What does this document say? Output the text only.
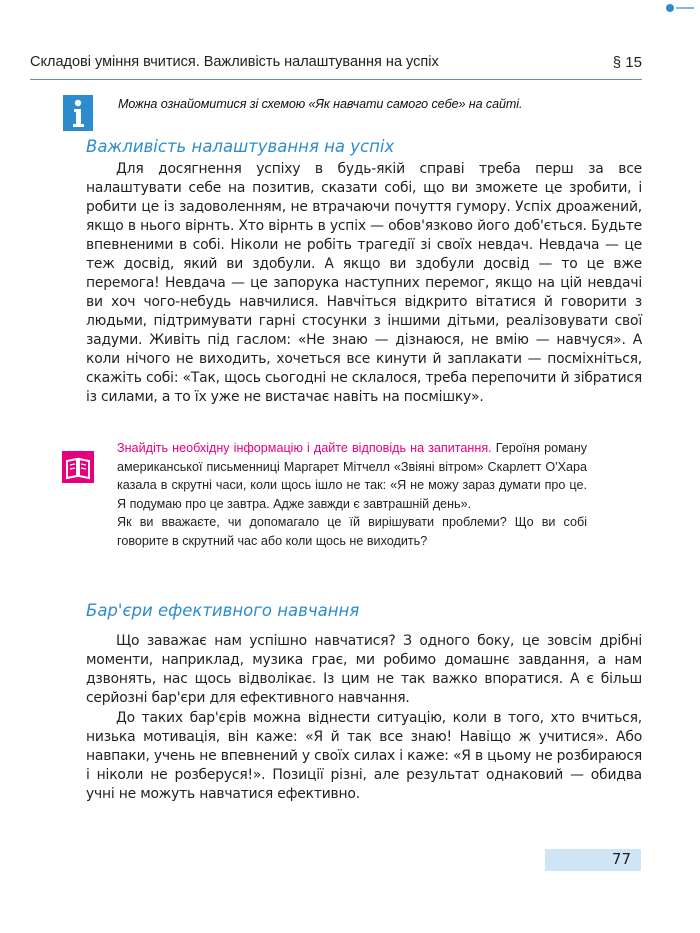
Складові уміння вчитися. Важливість налаштування на успіх	§ 15
Можна ознайомитися зі схемою «Як навчати самого себе» на сайті.
Важливість налаштування на успіх

Для досягнення успіху в будь-якій справі треба перш за все налаштувати себе на позитив, сказати собі, що ви зможете це зробити, і робити це із задоволенням, не втрачаючи почуття гумору. Успіх дроажений, якщо в нього вірнть. Хто вірнть в успіх — обов'язково його доб'ється. Будьте впевненими в собі. Ніколи не робіть трагедії зі своїх невдач. Невдача — це теж досвід, який ви здобули. А якщо ви здобули досвід — то це вже перемога! Невдача — це запорука наступних перемог, якщо на цій невдачі ви хоч чого-небудь навчилися. Навчіться відкрито вітатися й говорити з людьми, підтримувати гарні стосунки з іншими дітьми, реалізовувати свої задуми. Живіть під гаслом: «Не знаю — дізнаюся, не вмію — навчуся». А коли нічого не виходить, хочеться все кинути й заплакати — посміхніться, скажіть собі: «Так, щось сьогодні не склалося, треба перепочити й зібратися із силами, а то їх уже не вистачає навіть на посмішку».

Знайдіть необхідну інформацію і дайте відповідь на запитання. Героїня роману американської письменниці Маргарет Мітчелл «Звіяні вітром» Скарлетт О'Хара казала в скрутні часи, коли щось ішло не так: «Я не можу зараз думати про це. Я подумаю про це завтра. Адже завжди є завтрашній день».

Як ви вважаєте, чи допомагало це їй вирішувати проблеми? Що ви собі говорите в скрутний час або коли щось не виходить?

Бар'єри ефективного навчання

Що заважає нам успішно навчатися? З одного боку, це зовсім дрібні моменти, наприклад, музика грає, ми робимо домашнє завдання, а нам дзвонять, нас щось відволікає. Із цим не так важко впоратися. А є більш серйозні бар'єри для ефективного навчання.

До таких бар'єрів можна віднести ситуацію, коли в того, хто вчиться, низька мотивація, він каже: «Я й так все знаю! Навіщо ж учитися». Або навпаки, учень не впевнений у своїх силах і каже: «Я в цьому не розбираюся і ніколи не розберуся!». Позиції різні, але результат однаковий — обидва учні не можуть навчатися ефективно.

77
